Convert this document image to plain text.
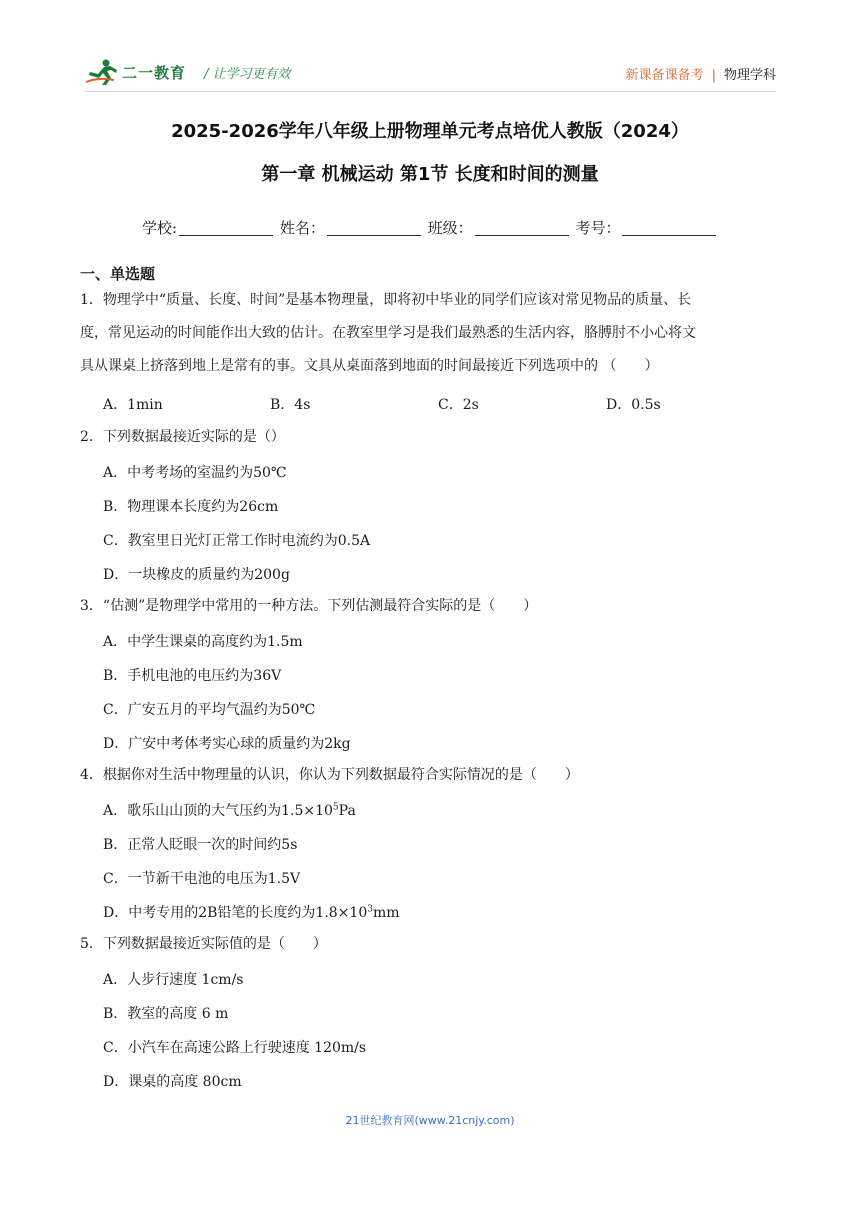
二一教育 / 让学习更有效	新课备课备考 | 物理学科
2025-2026学年八年级上册物理单元考点培优人教版（2024）
第一章 机械运动 第1节 长度和时间的测量
学校:	姓名：	班级：	考号：
一、单选题
1．物理学中“质量、长度、时间”是基本物理量，即将初中毕业的同学们应该对常见物品的质量、长
度，常见运动的时间能作出大致的估计。在教室里学习是我们最熟悉的生活内容，胳膊肘不小心将文
具从课桌上挤落到地上是常有的事。文具从桌面落到地面的时间最接近下列选项中的 （　　）
A．1min	B．4s	C．2s	D．0.5s
2．下列数据最接近实际的是（）
A．中考考场的室温约为50℃
B．物理课本长度约为26cm
C．教室里日光灯正常工作时电流约为0.5A
D．一块橡皮的质量约为200g
3．“估测”是物理学中常用的一种方法。下列估测最符合实际的是（　　）
A．中学生课桌的高度约为1.5m
B．手机电池的电压约为36V
C．广安五月的平均气温约为50℃
D．广安中考体考实心球的质量约为2kg
4．根据你对生活中物理量的认识，你认为下列数据最符合实际情况的是（　　）
A．歌乐山山顶的大气压约为$1.5\times 10^5Pa$
B．正常人眨眼一次的时间约5s
C．一节新干电池的电压为1.5V
D．中考专用的2B铅笔的长度约为$1.8\times 10^3mm$
5．下列数据最接近实际值的是（　　）
A．人步行速度 1cm/s
B．教室的高度 6 m
C．小汽车在高速公路上行驶速度 120m/s
D．课桌的高度 80cm
21世纪教育网(www.21cnjy.com)
